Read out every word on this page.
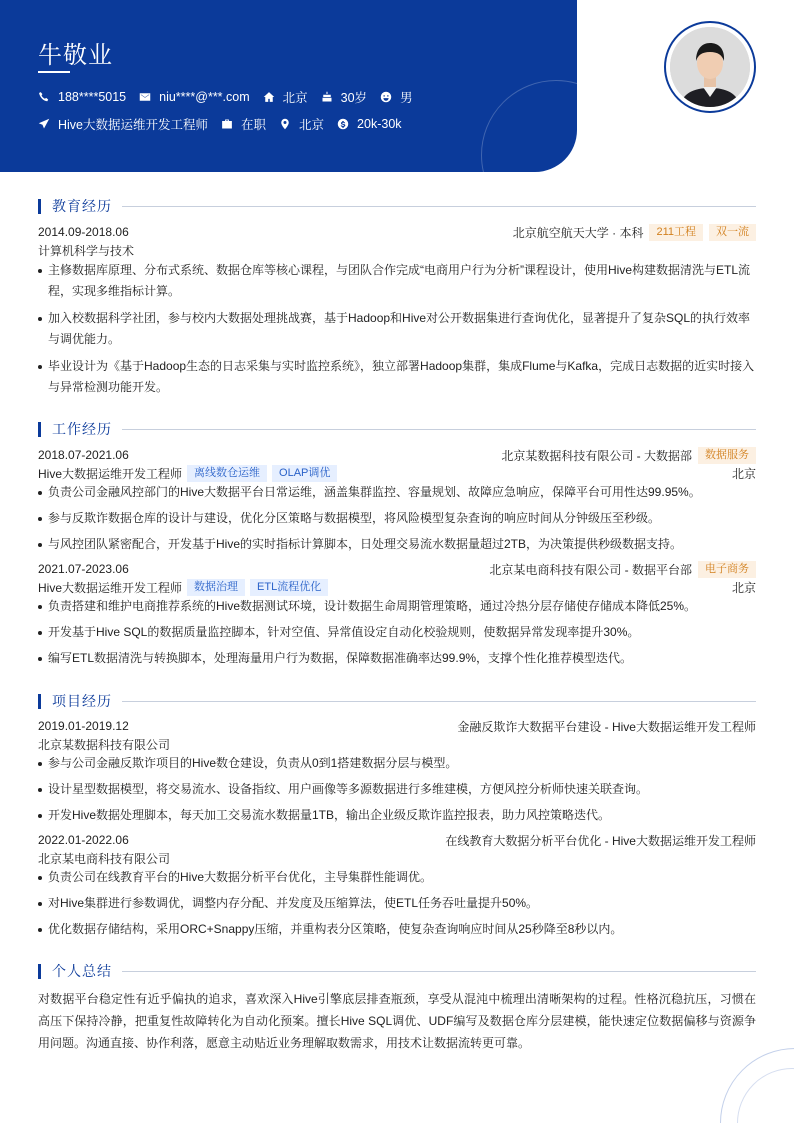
牛敬业
188****5015	niu****@***.com	北京	30岁	男
Hive大数据运维开发工程师	在职	北京	20k-30k
教育经历
2014.09-2018.06	北京航空航天大学 · 本科	211工程	双一流
计算机科学与技术
主修数据库原理、分布式系统、数据仓库等核心课程，与团队合作完成“电商用户行为分析”课程设计，使用Hive构建数据清洗与ETL流程，实现多维指标计算。
加入校数据科学社团，参与校内大数据处理挑战赛，基于Hadoop和Hive对公开数据集进行查询优化，显著提升了复杂SQL的执行效率与调优能力。
毕业设计为《基于Hadoop生态的日志采集与实时监控系统》，独立部署Hadoop集群，集成Flume与Kafka，完成日志数据的近实时接入与异常检测功能开发。
工作经历
2018.07-2021.06	北京某数据科技有限公司 - 大数据部	数据服务
Hive大数据运维开发工程师	离线数仓运维	OLAP调优	北京
负责公司金融风控部门的Hive大数据平台日常运维，涵盖集群监控、容量规划、故障应急响应，保障平台可用性达99.95%。
参与反欺诈数据仓库的设计与建设，优化分区策略与数据模型，将风险模型复杂查询的响应时间从分钟级压至秒级。
与风控团队紧密配合，开发基于Hive的实时指标计算脚本，日处理交易流水数据量超过2TB，为决策提供秒级数据支持。
2021.07-2023.06	北京某电商科技有限公司 - 数据平台部	电子商务
Hive大数据运维开发工程师	数据治理	ETL流程优化	北京
负责搭建和维护电商推荐系统的Hive数据测试环境，设计数据生命周期管理策略，通过冷热分层存储使存储成本降低25%。
开发基于Hive SQL的数据质量监控脚本，针对空值、异常值设定自动化校验规则，使数据异常发现率提升30%。
编写ETL数据清洗与转换脚本，处理海量用户行为数据，保障数据准确率达99.9%，支撑个性化推荐模型迭代。
项目经历
2019.01-2019.12	金融反欺诈大数据平台建设 - Hive大数据运维开发工程师
北京某数据科技有限公司
参与公司金融反欺诈项目的Hive数仓建设，负责从0到1搭建数据分层与模型。
设计星型数据模型，将交易流水、设备指纹、用户画像等多源数据进行多维建模，方便风控分析师快速关联查询。
开发Hive数据处理脚本，每天加工交易流水数据量1TB，输出企业级反欺诈监控报表，助力风控策略迭代。
2022.01-2022.06	在线教育大数据分析平台优化 - Hive大数据运维开发工程师
北京某电商科技有限公司
负责公司在线教育平台的Hive大数据分析平台优化，主导集群性能调优。
对Hive集群进行参数调优，调整内存分配、并发度及压缩算法，使ETL任务吞吐量提升50%。
优化数据存储结构，采用ORC+Snappy压缩，并重构表分区策略，使复杂查询响应时间从25秒降至8秒以内。
个人总结
对数据平台稳定性有近乎偏执的追求，喜欢深入Hive引擎底层排查瓶颈，享受从混沌中梳理出清晰架构的过程。性格沉稳抗压，习惯在高压下保持冷静，把重复性故障转化为自动化预案。擅长Hive SQL调优、UDF编写及数据仓库分层建模，能快速定位数据偏移与资源争用问题。沟通直接、协作利落，愿意主动贴近业务理解取数需求，用技术让数据流转更可靠。
